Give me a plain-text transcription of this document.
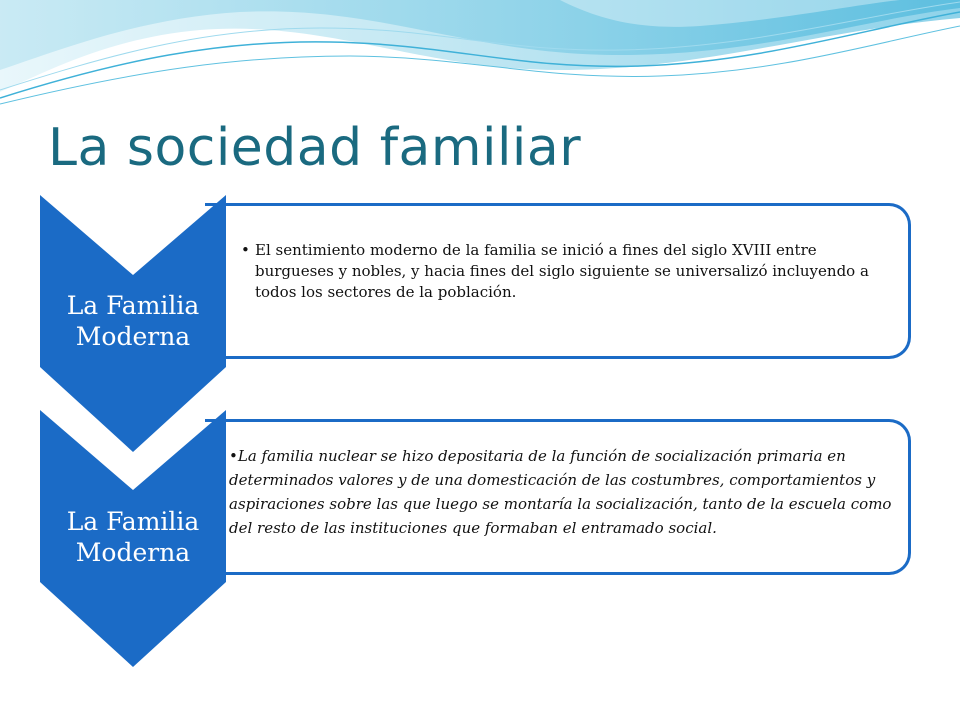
La sociedad familiar

• El sentimiento moderno de la familia se inició a fines del siglo XVIII entre burgueses y nobles, y hacia fines del siglo siguiente se universalizó incluyendo a todos los sectores de la población.

La Familia
Moderna

•La familia nuclear se hizo depositaria de la función de socialización primaria en determinados valores y de una domesticación de las costumbres, comportamientos y aspiraciones sobre las que luego se montaría la socialización, tanto de la escuela como del resto de las instituciones que formaban el entramado social.

La Familia
Moderna
